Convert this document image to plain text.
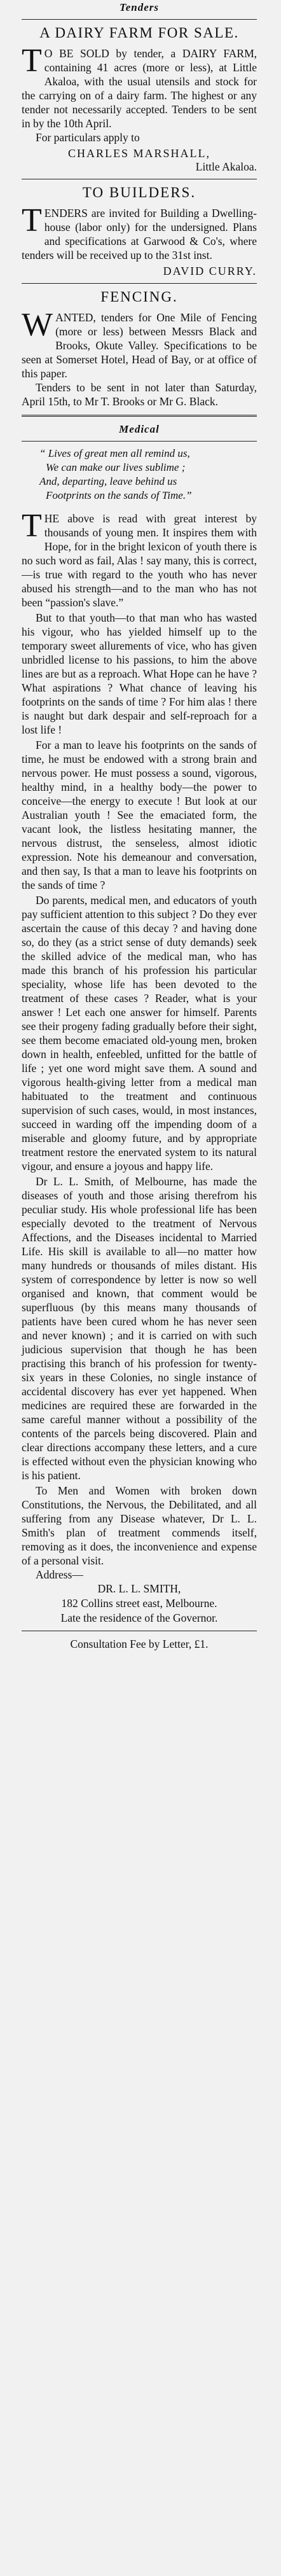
Tenders

A DAIRY FARM FOR SALE.

T O BE SOLD by tender, a DAIRY FARM, containing 41 acres (more or less), at Little Akaloa, with the usual utensils and stock for the carrying on of a dairy farm. The highest or any tender not necessarily accepted. Tenders to be sent in by the 10th April.

For particulars apply to

CHARLES MARSHALL,

Little Akaloa.

TO BUILDERS.

TENDERS are invited for Building a Dwelling-house (labor only) for the undersigned. Plans and specifications at Garwood & Co's, where tenders will be received up to the 31st inst.

DAVID CURRY.

FENCING.

WANTED, tenders for One Mile of Fencing (more or less) between Messrs Black and Brooks, Okute Valley. Specifications to be seen at Somerset Hotel, Head of Bay, or at office of this paper.

Tenders to be sent in not later than Saturday, April 15th, to Mr T. Brooks or Mr G. Black.

Medical

“ Lives of great men all remind us,
We can make our lives sublime ;
And, departing, leave behind us
Footprints on the sands of Time.”

THE above is read with great interest by thousands of young men. It inspires them with Hope, for in the bright lexicon of youth there is no such word as fail, Alas ! say many, this is correct,—is true with regard to the youth who has never abused his strength—and to the man who has not been “passion's slave.”

But to that youth—to that man who has wasted his vigour, who has yielded himself up to the temporary sweet allurements of vice, who has given unbridled license to his passions, to him the above lines are but as a reproach. What Hope can he have ? What aspirations ? What chance of leaving his footprints on the sands of time ? For him alas ! there is naught but dark despair and self-reproach for a lost life !

For a man to leave his footprints on the sands of time, he must be endowed with a strong brain and nervous power. He must possess a sound, vigorous, healthy mind, in a healthy body—the power to conceive—the energy to execute ! But look at our Australian youth ! See the emaciated form, the vacant look, the listless hesitating manner, the nervous distrust, the senseless, almost idiotic expression. Note his demeanour and conversation, and then say, Is that a man to leave his footprints on the sands of time ?

Do parents, medical men, and educators of youth pay sufficient attention to this subject ? Do they ever ascertain the cause of this decay ? and having done so, do they (as a strict sense of duty demands) seek the skilled advice of the medical man, who has made this branch of his profession his particular speciality, whose life has been devoted to the treatment of these cases ? Reader, what is your answer ! Let each one answer for himself. Parents see their progeny fading gradually before their sight, see them become emaciated old-young men, broken down in health, enfeebled, unfitted for the battle of life ; yet one word might save them. A sound and vigorous health-giving letter from a medical man habituated to the treatment and continuous supervision of such cases, would, in most instances, succeed in warding off the impending doom of a miserable and gloomy future, and by appropriate treatment restore the enervated system to its natural vigour, and ensure a joyous and happy life.

Dr L. L. Smith, of Melbourne, has made the diseases of youth and those arising therefrom his peculiar study. His whole professional life has been especially devoted to the treatment of Nervous Affections, and the Diseases incidental to Married Life. His skill is available to all—no matter how many hundreds or thousands of miles distant. His system of correspondence by letter is now so well organised and known, that comment would be superfluous (by this means many thousands of patients have been cured whom he has never seen and never known) ; and it is carried on with such judicious supervision that though he has been practising this branch of his profession for twenty-six years in these Colonies, no single instance of accidental discovery has ever yet happened. When medicines are required these are forwarded in the same careful manner without a possibility of the contents of the parcels being discovered. Plain and clear directions accompany these letters, and a cure is effected without even the physician knowing who is his patient.

To Men and Women with broken down Constitutions, the Nervous, the Debilitated, and all suffering from any Disease whatever, Dr L. L. Smith's plan of treatment commends itself, removing as it does, the inconvenience and expense of a personal visit.

Address—

DR. L. L. SMITH,

182 Collins street east, Melbourne.

Late the residence of the Governor.

Consultation Fee by Letter, £1.
